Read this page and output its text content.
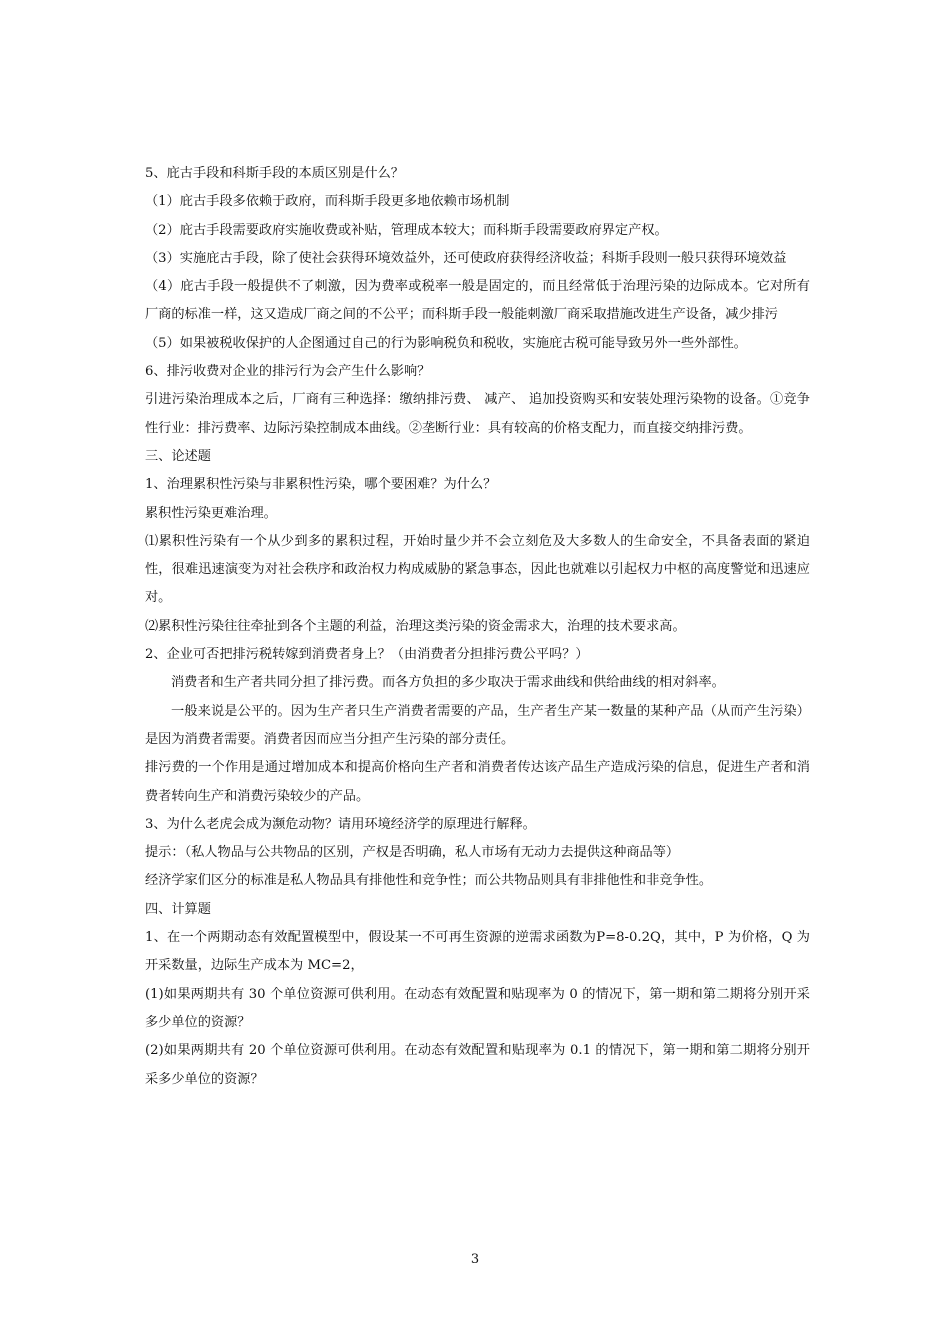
5、庇古手段和科斯手段的本质区别是什么？

（1）庇古手段多依赖于政府，而科斯手段更多地依赖市场机制

（2）庇古手段需要政府实施收费或补贴，管理成本较大；而科斯手段需要政府界定产权。

（3）实施庇古手段，除了使社会获得环境效益外，还可使政府获得经济收益；科斯手段则一般只获得环境效益

（4）庇古手段一般提供不了刺激，因为费率或税率一般是固定的，而且经常低于治理污染的边际成本。它对所有厂商的标准一样，这又造成厂商之间的不公平；而科斯手段一般能刺激厂商采取措施改进生产设备，减少排污

（5）如果被税收保护的人企图通过自己的行为影响税负和税收，实施庇古税可能导致另外一些外部性。

6、排污收费对企业的排污行为会产生什么影响？

引进污染治理成本之后，厂商有三种选择：缴纳排污费、 减产、 追加投资购买和安装处理污染物的设备。①竞争性行业：排污费率、边际污染控制成本曲线。②垄断行业：具有较高的价格支配力，而直接交纳排污费。

三、论述题

1、治理累积性污染与非累积性污染，哪个要困难？为什么？

累积性污染更难治理。

⑴累积性污染有一个从少到多的累积过程，开始时量少并不会立刻危及大多数人的生命安全，不具备表面的紧迫性，很难迅速演变为对社会秩序和政治权力构成威胁的紧急事态，因此也就难以引起权力中枢的高度警觉和迅速应对。

⑵累积性污染往往牵扯到各个主题的利益，治理这类污染的资金需求大，治理的技术要求高。

2、企业可否把排污税转嫁到消费者身上？（由消费者分担排污费公平吗？）

消费者和生产者共同分担了排污费。而各方负担的多少取决于需求曲线和供给曲线的相对斜率。

一般来说是公平的。因为生产者只生产消费者需要的产品，生产者生产某一数量的某种产品（从而产生污染）是因为消费者需要。消费者因而应当分担产生污染的部分责任。

排污费的一个作用是通过增加成本和提高价格向生产者和消费者传达该产品生产造成污染的信息，促进生产者和消费者转向生产和消费污染较少的产品。

3、为什么老虎会成为濒危动物？请用环境经济学的原理进行解释。

提示：（私人物品与公共物品的区别，产权是否明确，私人市场有无动力去提供这种商品等）

经济学家们区分的标准是私人物品具有排他性和竞争性；而公共物品则具有非排他性和非竞争性。

四、计算题

1、在一个两期动态有效配置模型中，假设某一不可再生资源的逆需求函数为P=8-0.2Q，其中，P 为价格，Q 为开采数量，边际生产成本为 MC=2，

(1)如果两期共有 30 个单位资源可供利用。在动态有效配置和贴现率为 0 的情况下，第一期和第二期将分别开采多少单位的资源？

(2)如果两期共有 20 个单位资源可供利用。在动态有效配置和贴现率为 0.1 的情况下，第一期和第二期将分别开采多少单位的资源？

3
